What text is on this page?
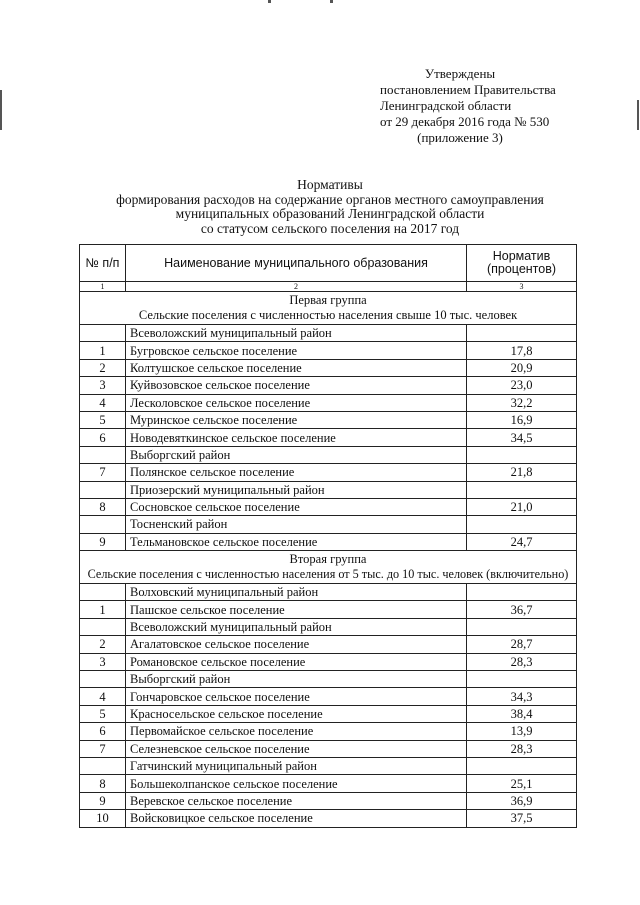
Утверждены
постановлением Правительства
Ленинградской области
от 29 декабря 2016 года № 530
(приложение 3)
Нормативы
формирования расходов на содержание органов местного самоуправления
муниципальных образований Ленинградской области
со статусом сельского поселения на 2017 год
№ п/п	Наименование муниципального образования	Норматив (процентов)
1	2	3

Первая группа
Сельские поселения с численностью населения свыше 10 тыс. человек		

	Всеволожский муниципальный район	
1	Бугровское сельское поселение	17,8
2	Колтушское сельское поселение	20,9
3	Куйвозовское сельское поселение	23,0
4	Лесколовское сельское поселение	32,2
5	Муринское сельское поселение	16,9
6	Новодевяткинское сельское поселение	34,5
	Выборгский район	
7	Полянское сельское поселение	21,8
	Приозерский муниципальный район	
8	Сосновское сельское поселение	21,0
	Тосненский район	
9	Тельмановское сельское поселение	24,7

Вторая группа
Сельские поселения с численностью населения от 5 тыс. до 10 тыс. человек (включительно)		

	Волховский муниципальный район	
1	Пашское сельское поселение	36,7
	Всеволожский муниципальный район	
2	Агалатовское сельское поселение	28,7
3	Романовское сельское поселение	28,3
	Выборгский район	
4	Гончаровское сельское поселение	34,3
5	Красносельское сельское поселение	38,4
6	Первомайское сельское поселение	13,9
7	Селезневское сельское поселение	28,3
	Гатчинский муниципальный район	
8	Большеколпанское сельское поселение	25,1
9	Веревское сельское поселение	36,9
10	Войсковицкое сельское поселение	37,5
